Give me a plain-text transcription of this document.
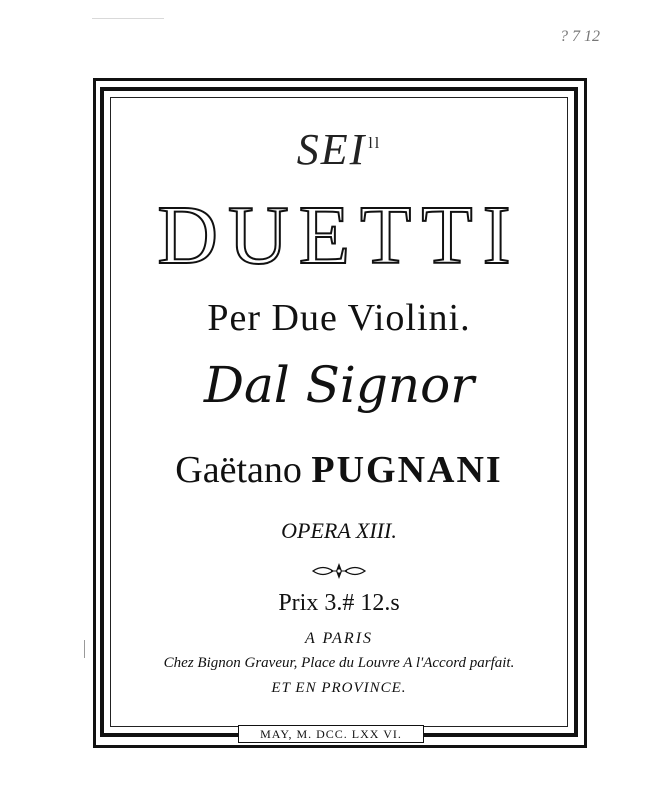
? 7 12
SEI $^{ll}$
DUETTI
Per Due Violini.
Dal Signor
Gaëtano PUGNANI
OPERA XIII.
Prix 3.# 12.s
A PARIS
Chez Bignon Graveur, Place du Louvre A l'Accord parfait.
ET EN PROVINCE.
MAY, M. DCC. LXX VI.
